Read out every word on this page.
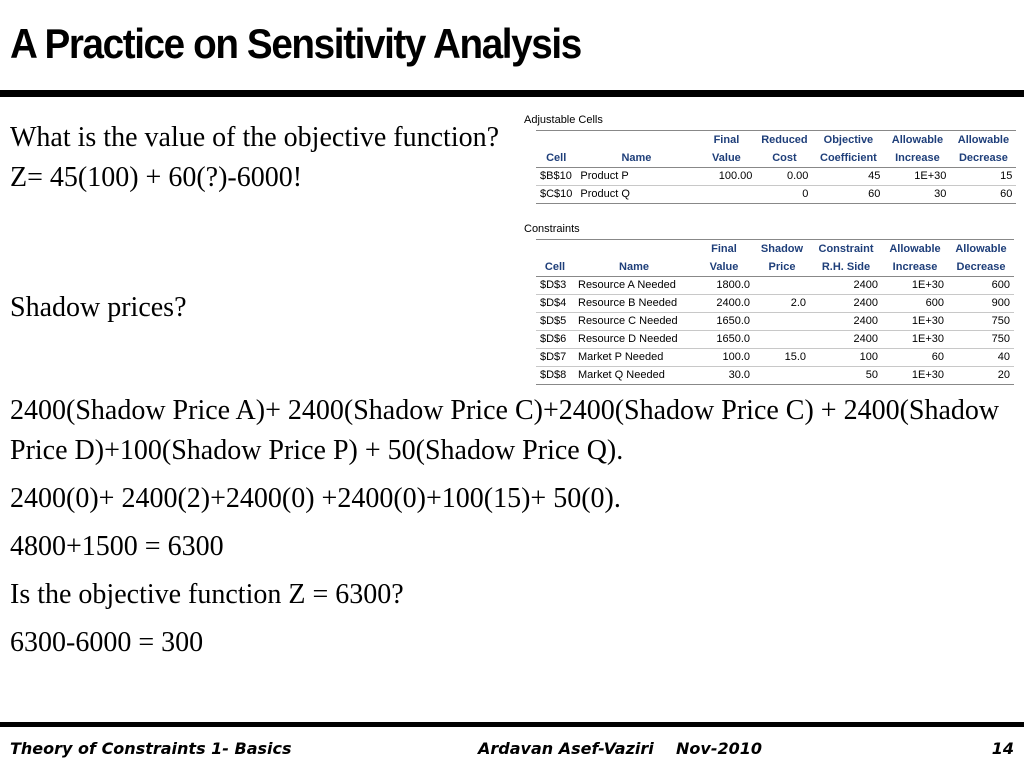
A Practice on Sensitivity Analysis

What is the value of the objective function? Z= 45(100) + 60(?)-6000!

Shadow prices?

Adjustable Cells
		Final	Reduced	Objective	Allowable	Allowable
Cell	Name	Value	Cost	Coefficient	Increase	Decrease
$B$10	Product P	100.00	0.00	45	1E+30	15
$C$10	Product Q		0	60	30	60
Constraints
		Final	Shadow	Constraint	Allowable	Allowable
Cell	Name	Value	Price	R.H. Side	Increase	Decrease
$D$3	Resource A Needed	1800.0		2400	1E+30	600
$D$4	Resource B Needed	2400.0	2.0	2400	600	900
$D$5	Resource C Needed	1650.0		2400	1E+30	750
$D$6	Resource D Needed	1650.0		2400	1E+30	750
$D$7	Market P Needed	100.0	15.0	100	60	40
$D$8	Market Q Needed	30.0		50	1E+30	20

2400(Shadow Price A)+ 2400(Shadow Price C)+2400(Shadow Price C) + 2400(Shadow Price D)+100(Shadow Price P) + 50(Shadow Price Q).

2400(0)+ 2400(2)+2400(0) +2400(0)+100(15)+ 50(0).

4800+1500 = 6300

Is the objective function Z = 6300?

6300-6000 = 300

Theory of Constraints 1- Basics	Ardavan Asef-Vaziri    Nov-2010	14
